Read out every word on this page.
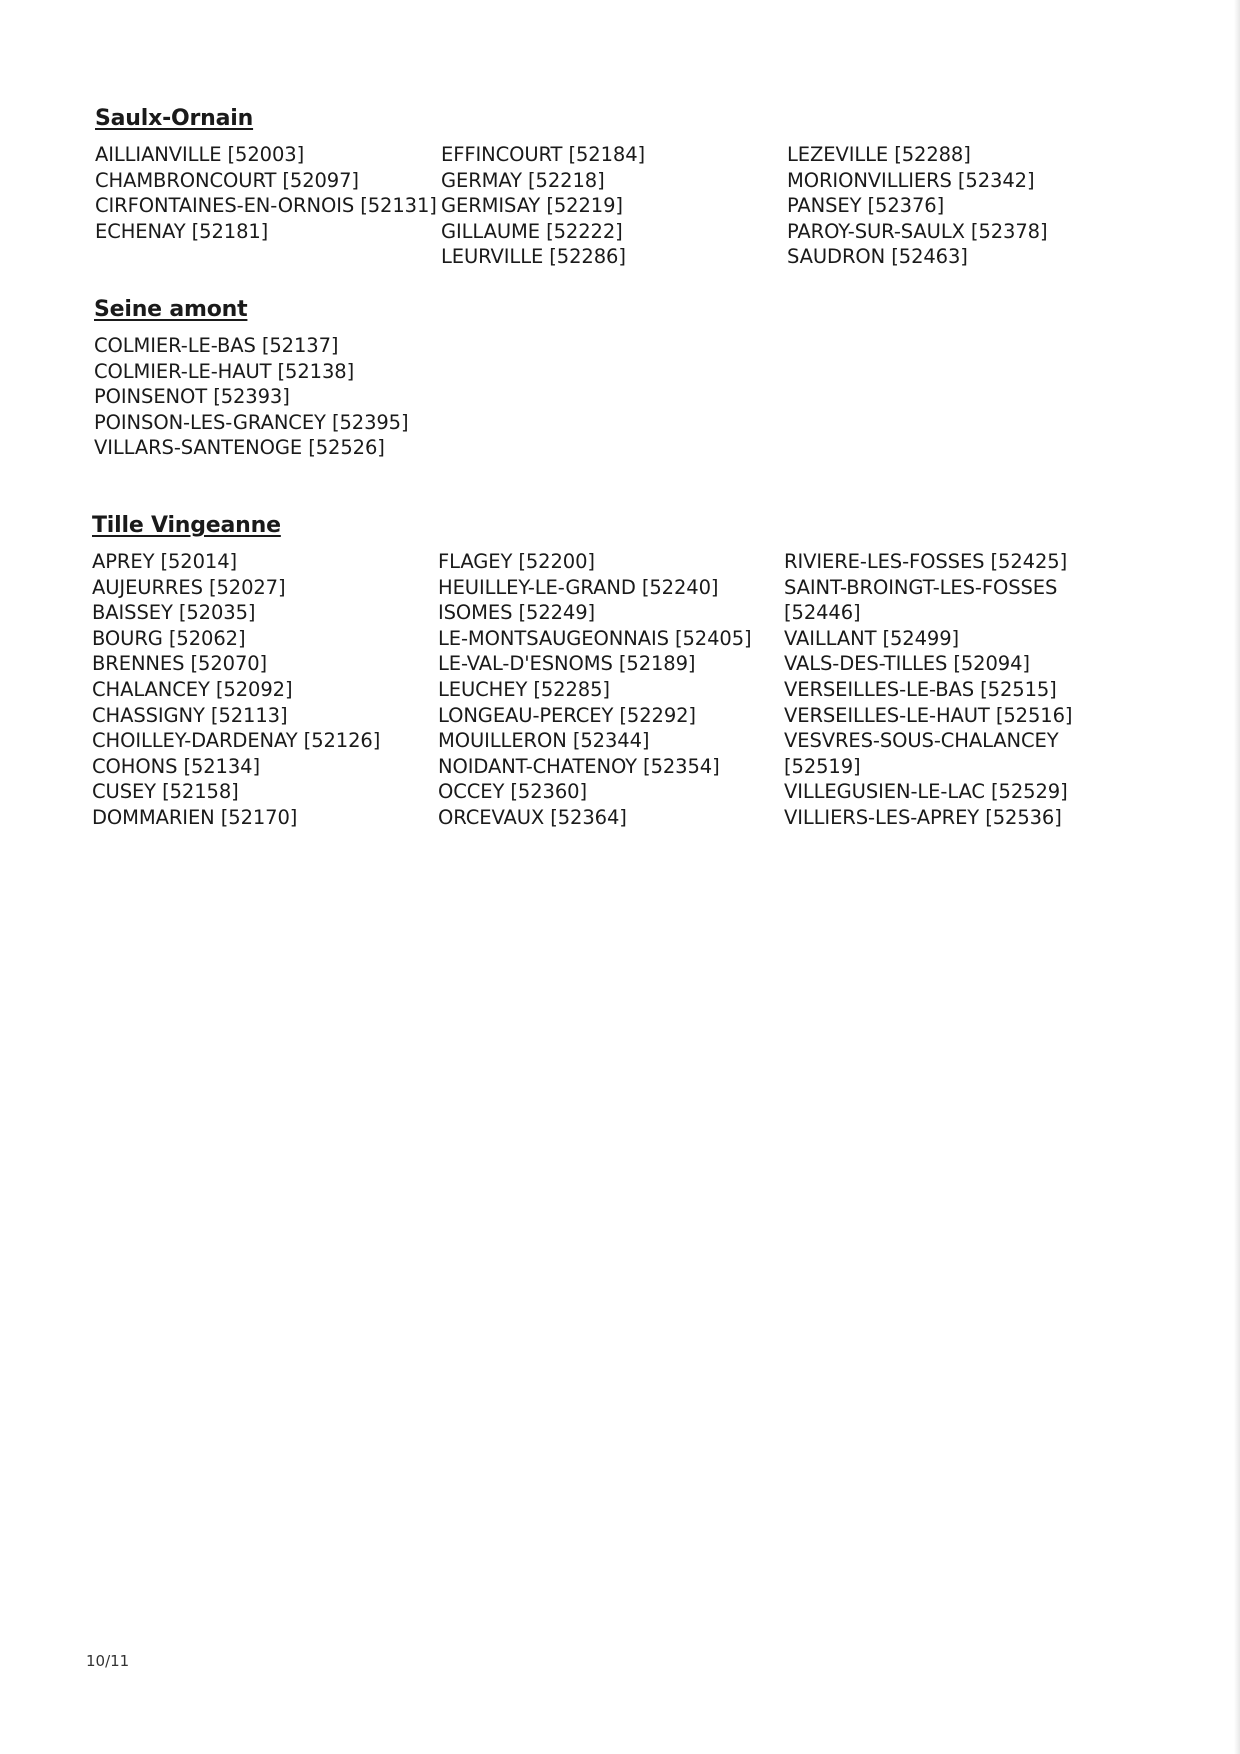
Saulx-Ornain
AILLIANVILLE [52003]
CHAMBRONCOURT [52097]
CIRFONTAINES-EN-ORNOIS [52131]
ECHENAY [52181]
EFFINCOURT [52184]
GERMAY [52218]
GERMISAY [52219]
GILLAUME [52222]
LEURVILLE [52286]
LEZEVILLE [52288]
MORIONVILLIERS [52342]
PANSEY [52376]
PAROY-SUR-SAULX [52378]
SAUDRON [52463]
Seine amont
COLMIER-LE-BAS [52137]
COLMIER-LE-HAUT [52138]
POINSENOT [52393]
POINSON-LES-GRANCEY [52395]
VILLARS-SANTENOGE [52526]
Tille Vingeanne
APREY [52014]
AUJEURRES [52027]
BAISSEY [52035]
BOURG [52062]
BRENNES [52070]
CHALANCEY [52092]
CHASSIGNY [52113]
CHOILLEY-DARDENAY [52126]
COHONS [52134]
CUSEY [52158]
DOMMARIEN [52170]
FLAGEY [52200]
HEUILLEY-LE-GRAND [52240]
ISOMES [52249]
LE-MONTSAUGEONNAIS [52405]
LE-VAL-D'ESNOMS [52189]
LEUCHEY [52285]
LONGEAU-PERCEY [52292]
MOUILLERON [52344]
NOIDANT-CHATENOY [52354]
OCCEY [52360]
ORCEVAUX [52364]
RIVIERE-LES-FOSSES [52425]
SAINT-BROINGT-LES-FOSSES [52446]
VAILLANT [52499]
VALS-DES-TILLES [52094]
VERSEILLES-LE-BAS [52515]
VERSEILLES-LE-HAUT [52516]
VESVRES-SOUS-CHALANCEY [52519]
VILLEGUSIEN-LE-LAC [52529]
VILLIERS-LES-APREY [52536]
10/11
